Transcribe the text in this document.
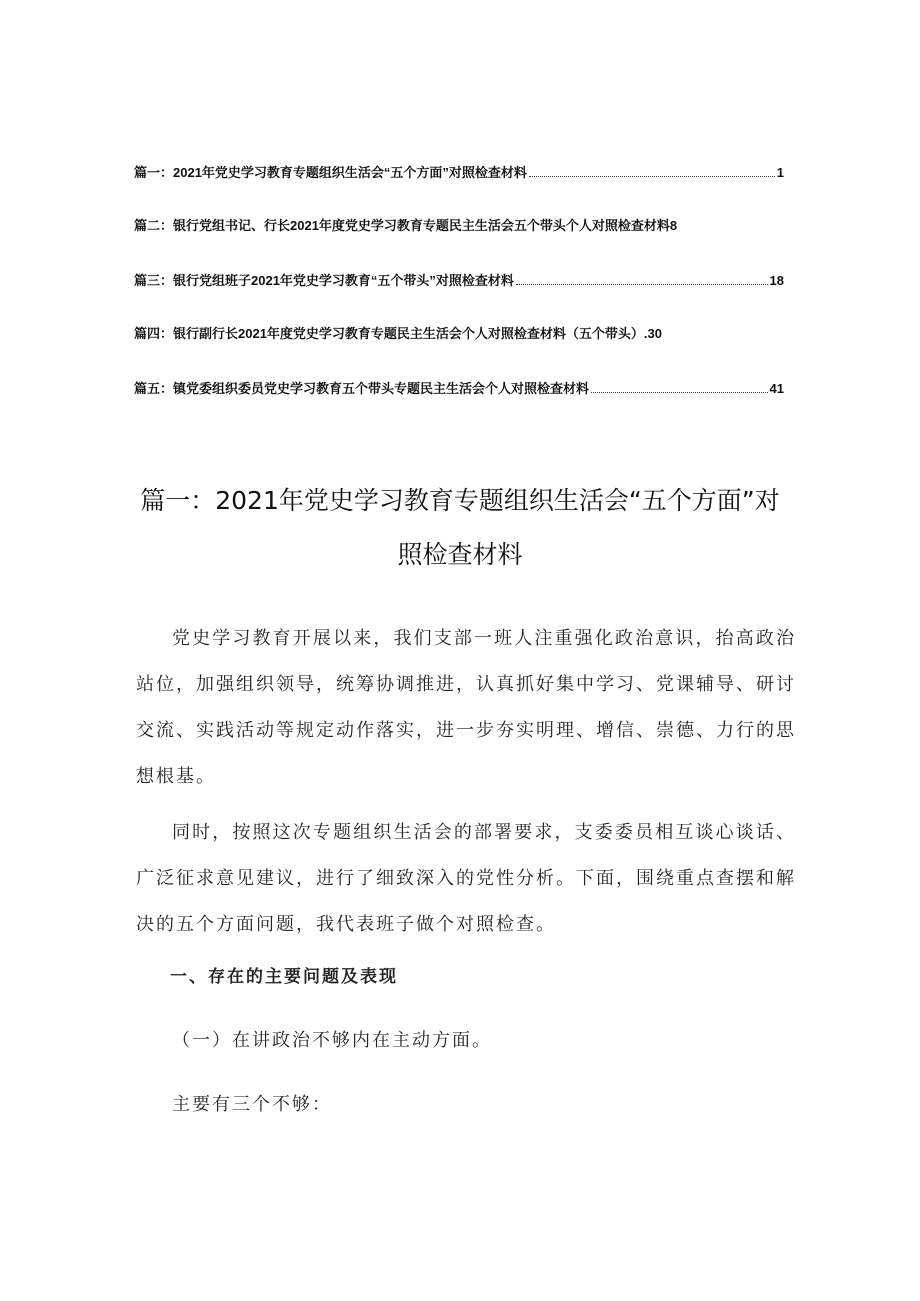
篇一：2021年党史学习教育专题组织生活会“五个方面”对照检查材料	1
篇二：银行党组书记、行长2021年度党史学习教育专题民主生活会五个带头个人对照检查材料 8
篇三：银行党组班子2021年党史学习教育“五个带头”对照检查材料	18
篇四：银行副行长2021年度党史学习教育专题民主生活会个人对照检查材料（五个带头） .30
篇五：镇党委组织委员党史学习教育五个带头专题民主生活会个人对照检查材料	41
篇一：2021年党史学习教育专题组织生活会“五个方面”对照检查材料

党史学习教育开展以来，我们支部一班人注重强化政治意识，抬高政治站位，加强组织领导，统筹协调推进，认真抓好集中学习、党课辅导、研讨交流、实践活动等规定动作落实，进一步夯实明理、增信、崇德、力行的思想根基。

同时，按照这次专题组织生活会的部署要求，支委委员相互谈心谈话、广泛征求意见建议，进行了细致深入的党性分析。下面，围绕重点查摆和解决的五个方面问题，我代表班子做个对照检查。

一、存在的主要问题及表现

（一）在讲政治不够内在主动方面。

主要有三个不够：
